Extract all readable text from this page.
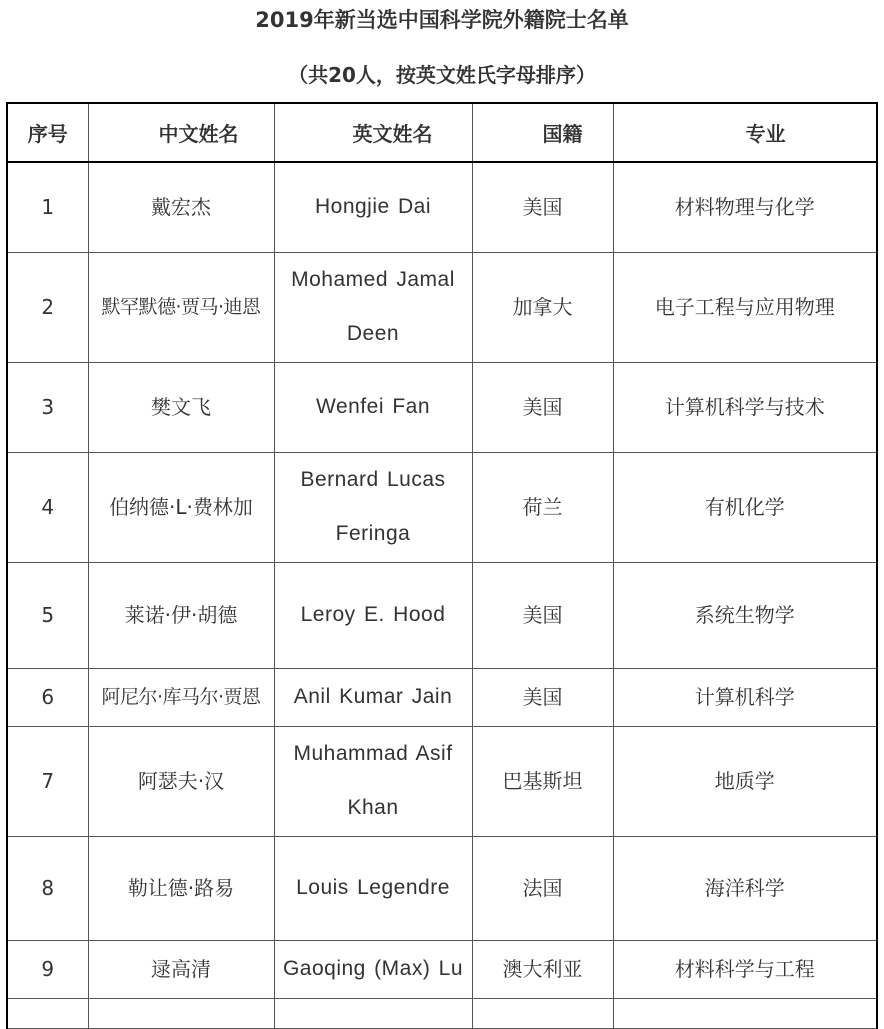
2019年新当选中国科学院外籍院士名单
（共20人，按英文姓氏字母排序）
序号	中文姓名	英文姓名	国籍	专业
1	戴宏杰	Hongjie Dai	美国	材料物理与化学
2	默罕默德·贾马·迪恩	Mohamed Jamal Deen	加拿大	电子工程与应用物理
3	樊文飞	Wenfei Fan	美国	计算机科学与技术
4	伯纳德·L·费林加	Bernard Lucas Feringa	荷兰	有机化学
5	莱诺·伊·胡德	Leroy E. Hood	美国	系统生物学
6	阿尼尔·库马尔·贾恩	Anil Kumar Jain	美国	计算机科学
7	阿瑟夫·汉	Muhammad Asif Khan	巴基斯坦	地质学
8	勒让德·路易	Louis Legendre	法国	海洋科学
9	逯高清	Gaoqing (Max) Lu	澳大利亚	材料科学与工程
